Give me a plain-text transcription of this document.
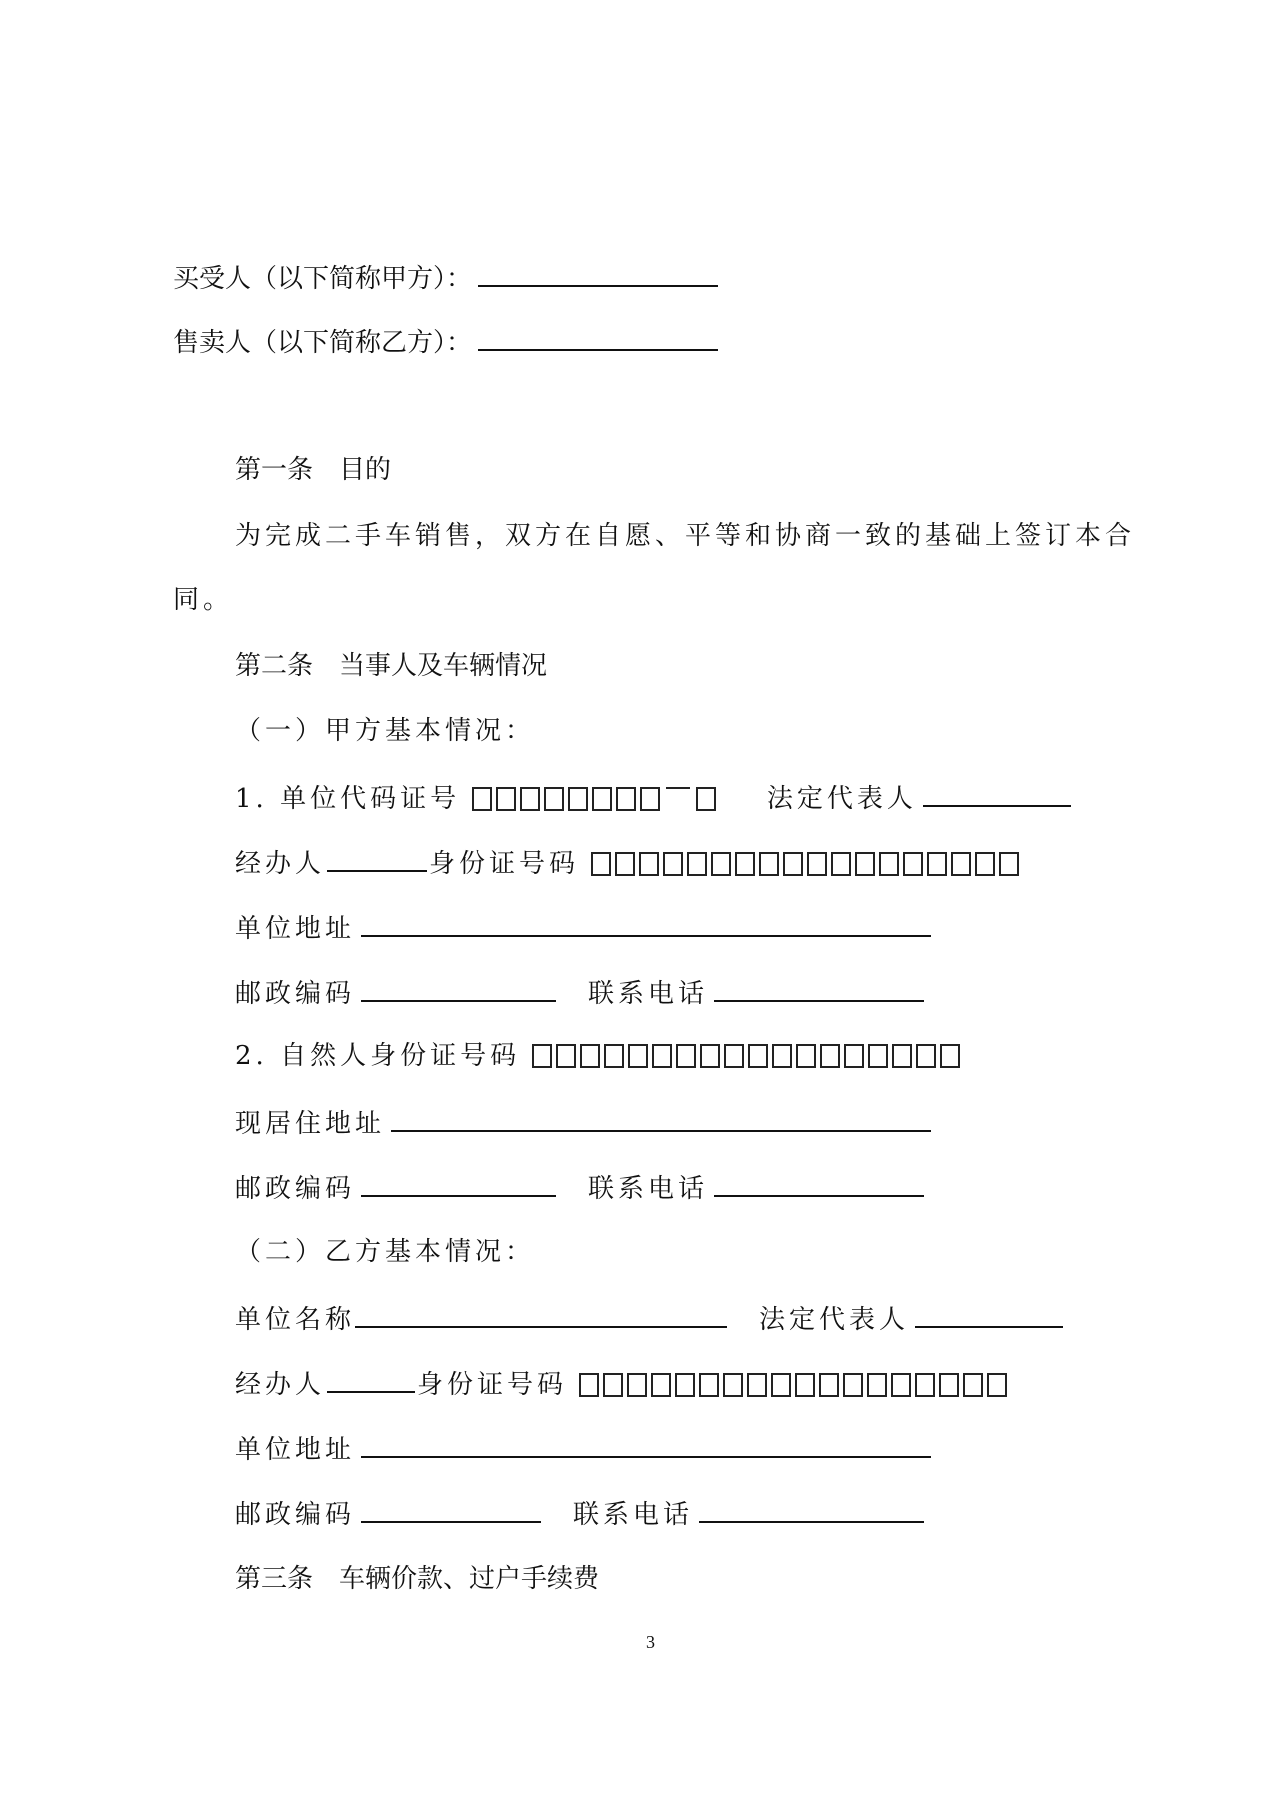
买受人（以下简称甲方）：
售卖人（以下简称乙方）：
第一条　目的
为完成二手车销售，双方在自愿、平等和协商一致的基础上签订本合
同。
第二条　当事人及车辆情况
（一）甲方基本情况：
1. 单位代码证号	法定代表人
经办人	身份证号码
单位地址
邮政编码	联系电话
2. 自然人身份证号码
现居住地址
邮政编码	联系电话
（二）乙方基本情况：
单位名称	法定代表人
经办人	身份证号码
单位地址
邮政编码	联系电话
第三条　车辆价款、过户手续费
3
